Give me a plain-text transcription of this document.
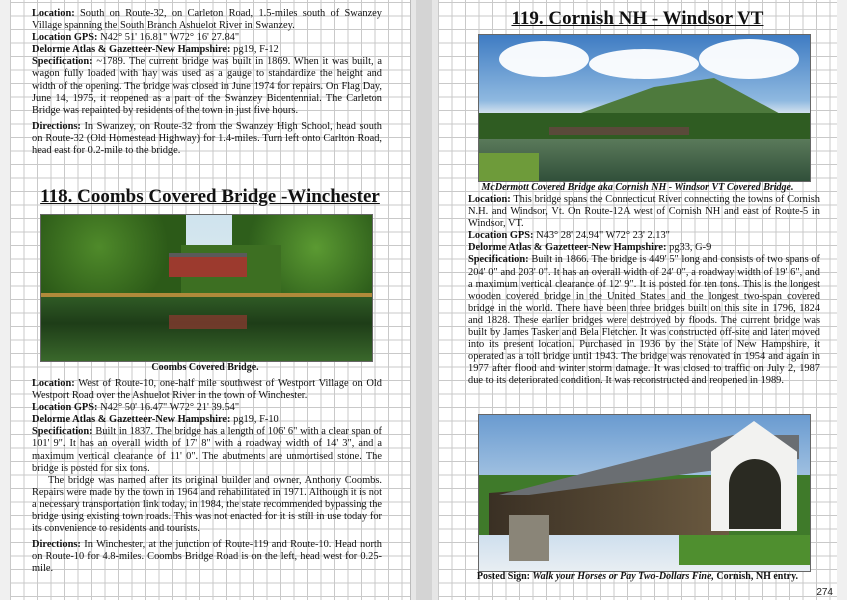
Location: South on Route-32, on Carleton Road, 1.5-miles south of Swanzey Village spanning the South Branch Ashuelot River in Swanzey.

Location GPS: N42° 51' 16.81" W72° 16' 27.84"

Delorme Atlas & Gazetteer-New Hampshire: pg19, F-12

Specification: ~1789. The current bridge was built in 1869. When it was built, a wagon fully loaded with hay was used as a gauge to standardize the height and width of the opening. The bridge was closed in June 1974 for repairs. On Flag Day, June 14, 1975, it reopened as a part of the Swanzey Bicentennial. The Carleton Bridge was repainted by residents of the town in just five hours.

Directions: In Swanzey, on Route-32 from the Swanzey High School, head south on Route-32 (Old Homestead Highway) for 1.4-miles. Turn left onto Carlton Road, head east for 0.2-mile to the bridge.

118. Coombs Covered Bridge -Winchester
Coombs Covered Bridge.

Location: West of Route-10, one-half mile southwest of Westport Village on Old Westport Road over the Ashuelot River in the town of Winchester.

Location GPS: N42° 50' 16.47" W72° 21' 39.54"

Delorme Atlas & Gazetteer-New Hampshire: pg19, F-10

Specification: Built in 1837. The bridge has a length of 106' 6" with a clear span of 101' 9". It has an overall width of 17' 8" with a roadway width of 14' 3", and a maximum vertical clearance of 11' 0". The abutments are unmortised stone. The bridge is posted for six tons.

The bridge was named after its original builder and owner, Anthony Coombs. Repairs were made by the town in 1964 and rehabilitated in 1971. Although it is not a necessary transportation link today, in 1984, the state recommended bypassing the bridge using existing town roads. This was not enacted for it is still in use today for its convenience to residents and tourists.

Directions: In Winchester, at the junction of Route-119 and Route-10. Head north on Route-10 for 4.8-miles. Coombs Bridge Road is on the left, head west for 0.25-mile.

119. Cornish NH - Windsor VT
McDermott Covered Bridge aka Cornish NH - Windsor VT Covered Bridge.

Location: This bridge spans the Connecticut River connecting the towns of Cornish N.H. and Windsor, Vt. On Route-12A west of Cornish NH and east of Route-5 in Windsor, VT.

Location GPS: N43° 28' 24.94" W72° 23' 2.13"

Delorme Atlas & Gazetteer-New Hampshire: pg33, G-9

Specification: Built in 1866. The bridge is 449' 5" long and consists of two spans of 204' 0" and 203' 0". It has an overall width of 24' 0", a roadway width of 19' 6", and a maximum vertical clearance of 12' 9". It is posted for ten tons. This is the longest wooden covered bridge in the United States and the longest two-span covered bridge in the world. There have been three bridges built on this site in 1796, 1824 and 1828. These earlier bridges were destroyed by floods. The current bridge was built by James Tasker and Bela Fletcher. It was constructed off-site and later moved into its present location. Purchased in 1936 by the State of New Hampshire, it operated as a toll bridge until 1943. The bridge was renovated in 1954 and again in 1977 after flood and winter storm damage. It was closed to traffic on July 2, 1987 due to its deteriorated condition. It was reconstructed and reopened in 1989.

Posted Sign: Walk your Horses or Pay Two-Dollars Fine, Cornish, NH entry.
274
